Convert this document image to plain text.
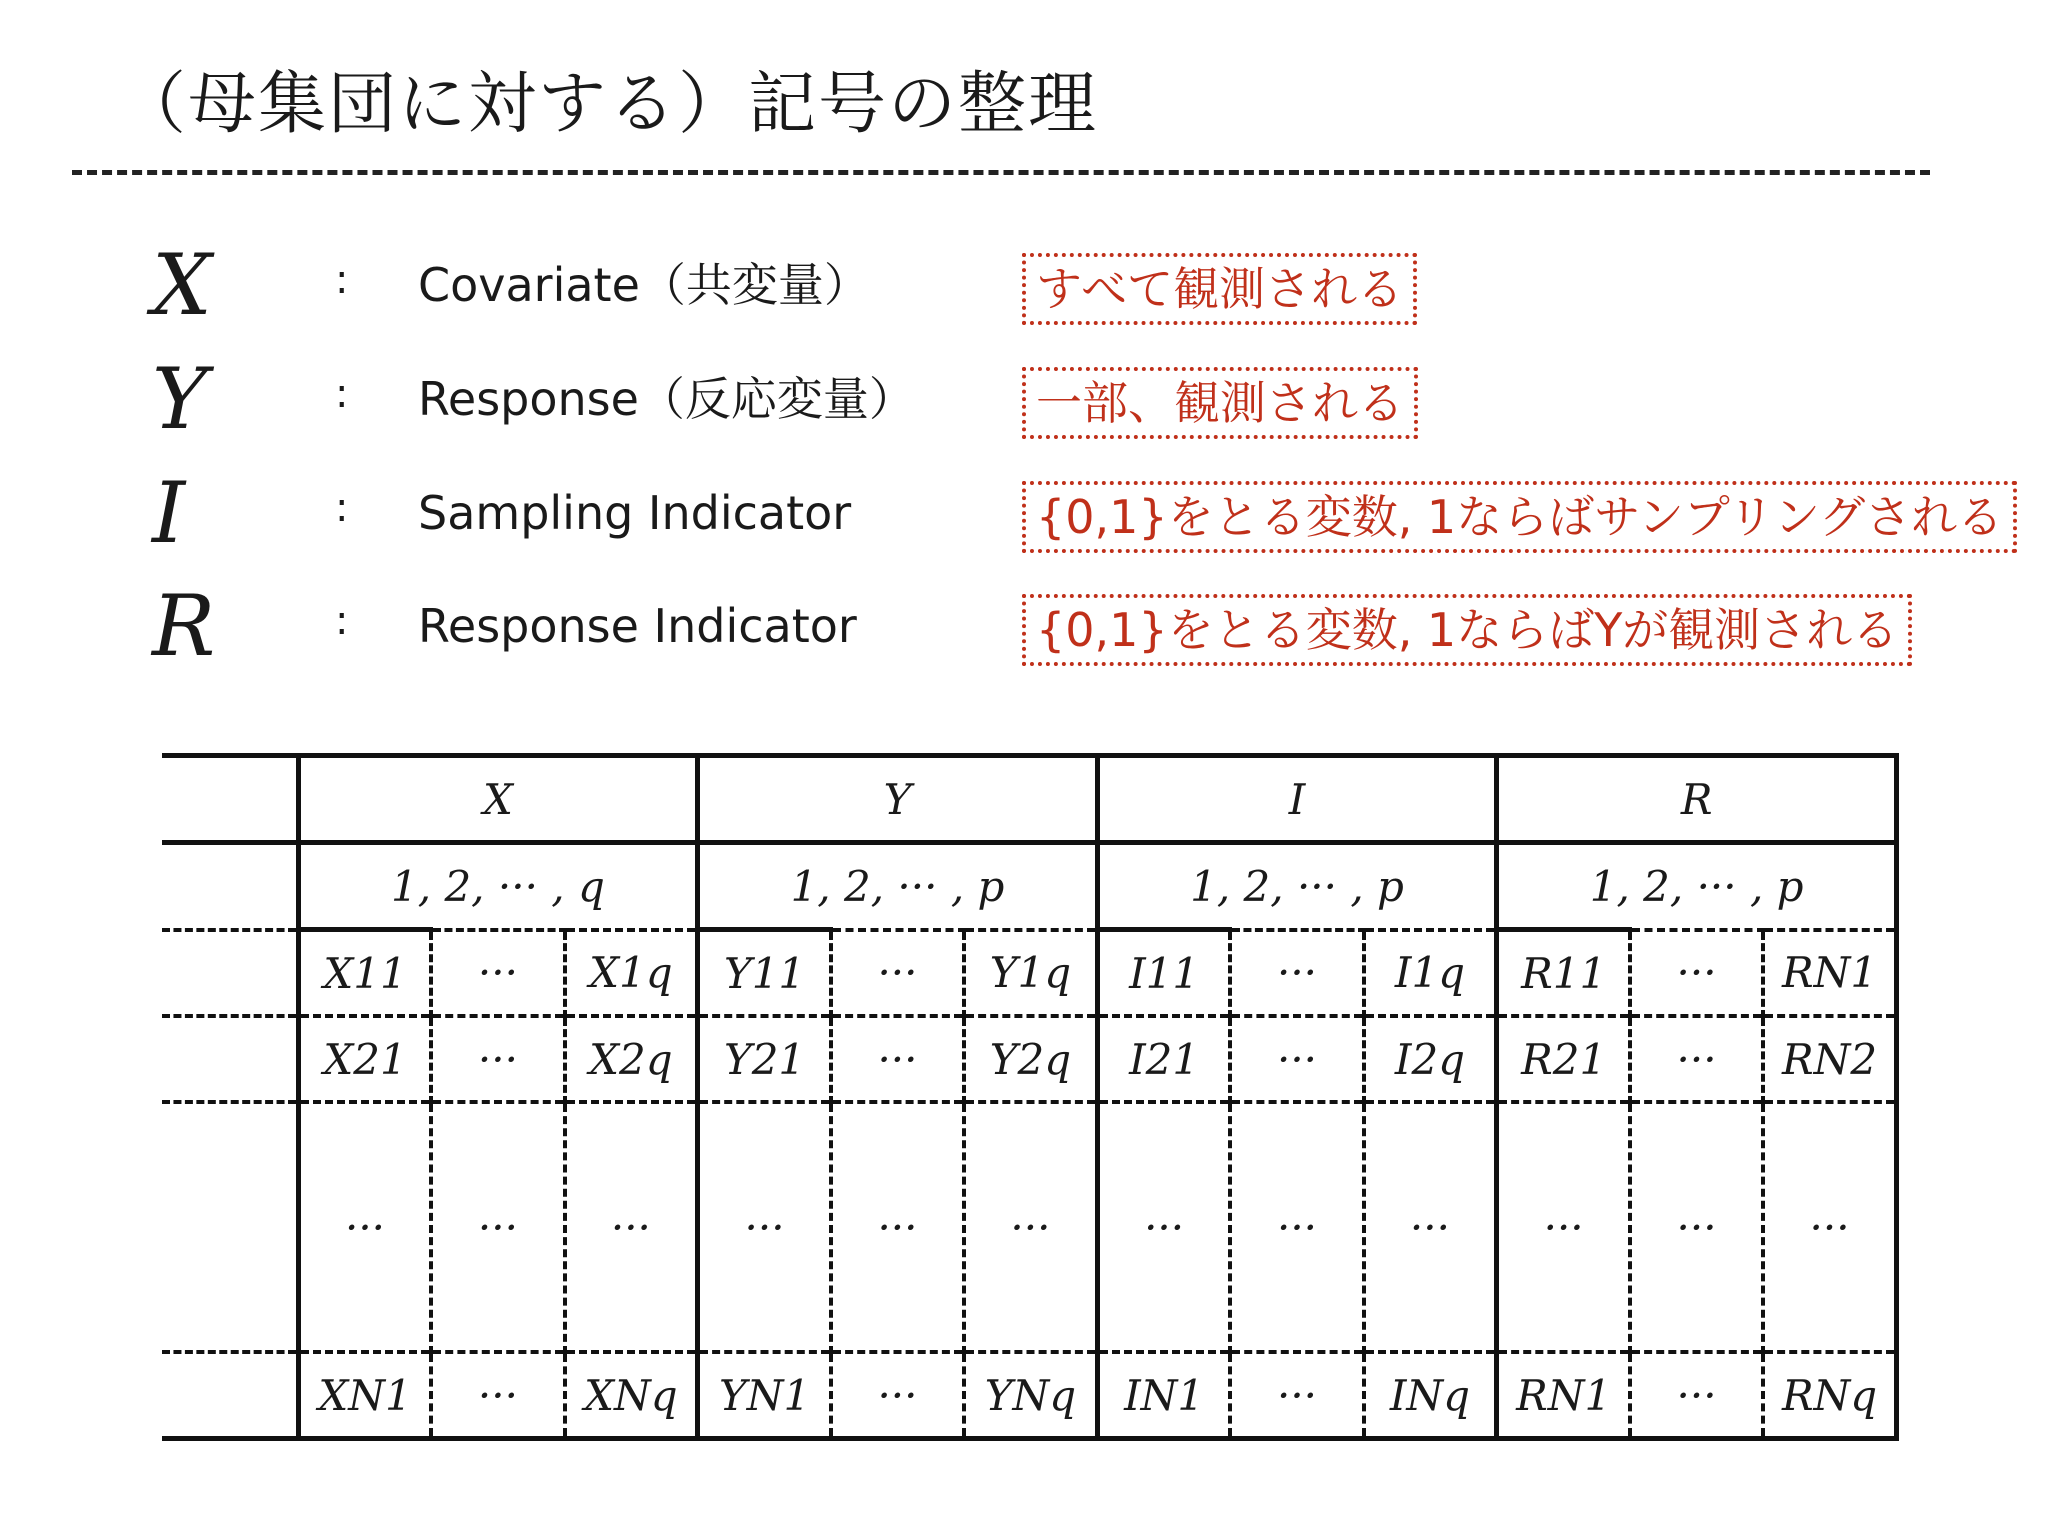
（母集団に対する）記号の整理
X	: Covariate（共変量）	すべて観測される
Y	: Response（反応変量）	一部、観測される
I	: Sampling Indicator	{0,1}をとる変数, 1ならばサンプリングされる
R	: Response Indicator	{0,1}をとる変数, 1ならばYが観測される
	X			Y			I			R		
	1, 2, ··· , q			1, 2, ··· , p			1, 2, ··· , p			1, 2, ··· , p		
	X11	···	X1q	Y11	···	Y1q	I11	···	I1q	R11	···	RN1
	X21	···	X2q	Y21	···	Y2q	I21	···	I2q	R21	···	RN2
	···	···	···	···	···	···	···	···	···	···	···	···
	XN1	···	XNq	YN1	···	YNq	IN1	···	INq	RN1	···	RNq
